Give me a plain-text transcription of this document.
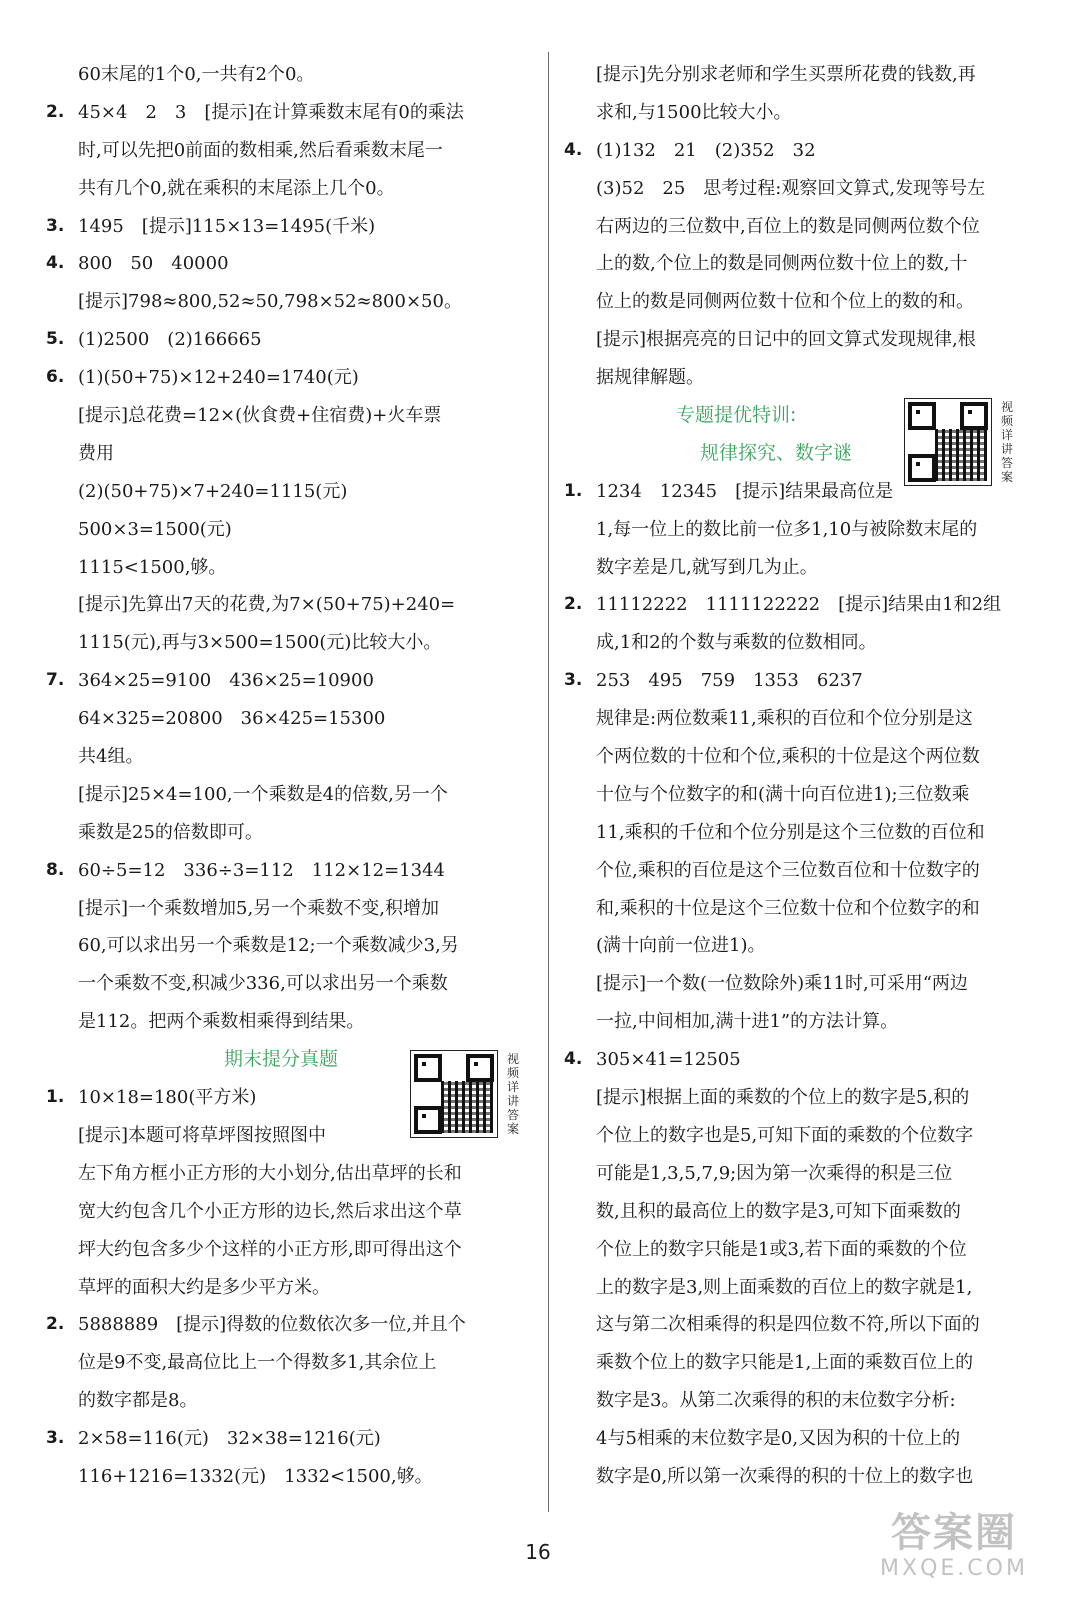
60末尾的1个0,一共有2个0。
2. 45×4　2　3　[提示]在计算乘数末尾有0的乘法
时,可以先把0前面的数相乘,然后看乘数末尾一
共有几个0,就在乘积的末尾添上几个0。
3. 1495　[提示]115×13=1495(千米)
4. 800　50　40000
[提示]798≈800,52≈50,798×52≈800×50。
5. (1)2500　(2)166665
6. (1)(50+75)×12+240=1740(元)
[提示]总花费=12×(伙食费+住宿费)+火车票
费用
(2)(50+75)×7+240=1115(元)
500×3=1500(元)
1115<1500,够。
[提示]先算出7天的花费,为7×(50+75)+240=
1115(元),再与3×500=1500(元)比较大小。
7. 364×25=9100　436×25=10900
64×325=20800　36×425=15300
共4组。
[提示]25×4=100,一个乘数是4的倍数,另一个
乘数是25的倍数即可。
8. 60÷5=12　336÷3=112　112×12=1344
[提示]一个乘数增加5,另一个乘数不变,积增加
60,可以求出另一个乘数是12;一个乘数减少3,另
一个乘数不变,积减少336,可以求出另一个乘数
是112。把两个乘数相乘得到结果。
期末提分真题
1. 10×18=180(平方米)
[提示]本题可将草坪图按照图中
左下角方框小正方形的大小划分,估出草坪的长和
宽大约包含几个小正方形的边长,然后求出这个草
坪大约包含多少个这样的小正方形,即可得出这个
草坪的面积大约是多少平方米。
2. 5888889　[提示]得数的位数依次多一位,并且个
位是9不变,最高位比上一个得数多1,其余位上
的数字都是8。
3. 2×58=116(元)　32×38=1216(元)
116+1216=1332(元)　1332<1500,够。
视频详讲答案
[提示]先分别求老师和学生买票所花费的钱数,再
求和,与1500比较大小。
4. (1)132　21　(2)352　32
(3)52　25　思考过程:观察回文算式,发现等号左
右两边的三位数中,百位上的数是同侧两位数个位
上的数,个位上的数是同侧两位数十位上的数,十
位上的数是同侧两位数十位和个位上的数的和。
[提示]根据亮亮的日记中的回文算式发现规律,根
据规律解题。
专题提优特训:
规律探究、数字谜
1. 1234　12345　[提示]结果最高位是
1,每一位上的数比前一位多1,10与被除数末尾的
数字差是几,就写到几为止。
2. 11112222　1111122222　[提示]结果由1和2组
成,1和2的个数与乘数的位数相同。
3. 253　495　759　1353　6237
规律是:两位数乘11,乘积的百位和个位分别是这
个两位数的十位和个位,乘积的十位是这个两位数
十位与个位数字的和(满十向百位进1);三位数乘
11,乘积的千位和个位分别是这个三位数的百位和
个位,乘积的百位是这个三位数百位和十位数字的
和,乘积的十位是这个三位数十位和个位数字的和
(满十向前一位进1)。
[提示]一个数(一位数除外)乘11时,可采用“两边
一拉,中间相加,满十进1”的方法计算。
4. 305×41=12505
[提示]根据上面的乘数的个位上的数字是5,积的
个位上的数字也是5,可知下面的乘数的个位数字
可能是1,3,5,7,9;因为第一次乘得的积是三位
数,且积的最高位上的数字是3,可知下面乘数的
个位上的数字只能是1或3,若下面的乘数的个位
上的数字是3,则上面乘数的百位上的数字就是1,
这与第二次相乘得的积是四位数不符,所以下面的
乘数个位上的数字只能是1,上面的乘数百位上的
数字是3。从第二次乘得的积的末位数字分析:
4与5相乘的末位数字是0,又因为积的十位上的
数字是0,所以第一次乘得的积的十位上的数字也
视频详讲答案
16	答案圈
MXQE.COM
